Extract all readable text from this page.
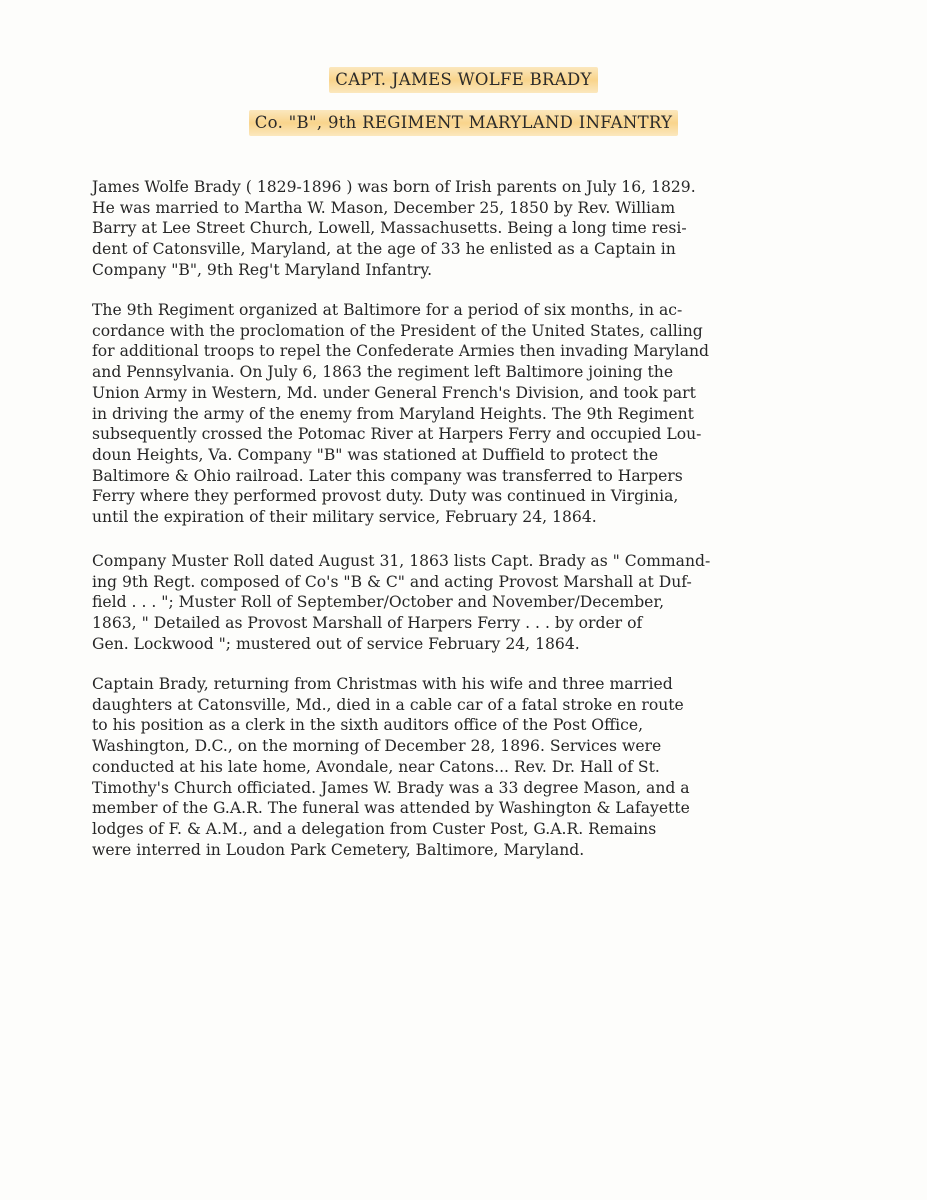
CAPT. JAMES WOLFE BRADY
Co. "B", 9th REGIMENT MARYLAND INFANTRY
James Wolfe Brady ( 1829-1896 ) was born of Irish parents on July 16, 1829.
He was married to Martha W. Mason, December 25, 1850 by Rev. William
Barry at Lee Street Church, Lowell, Massachusetts. Being a long time resi-
dent of Catonsville, Maryland, at the age of 33 he enlisted as a Captain in
Company "B", 9th Reg't Maryland Infantry.
The 9th Regiment organized at Baltimore for a period of six months, in ac-
cordance with the proclomation of the President of the United States, calling
for additional troops to repel the Confederate Armies then invading Maryland
and Pennsylvania. On July 6, 1863 the regiment left Baltimore joining the
Union Army in Western, Md. under General French's Division, and took part
in driving the army of the enemy from Maryland Heights. The 9th Regiment
subsequently crossed the Potomac River at Harpers Ferry and occupied Lou-
doun Heights, Va. Company "B" was stationed at Duffield to protect the
Baltimore & Ohio railroad. Later this company was transferred to Harpers
Ferry where they performed provost duty. Duty was continued in Virginia,
until the expiration of their military service, February 24, 1864.
Company Muster Roll dated August 31, 1863 lists Capt. Brady as " Command-
ing 9th Regt. composed of Co's "B & C" and acting Provost Marshall at Duf-
field . . . "; Muster Roll of September/October and November/December,
1863, " Detailed as Provost Marshall of Harpers Ferry . . . by order of
Gen. Lockwood "; mustered out of service February 24, 1864.
Captain Brady, returning from Christmas with his wife and three married
daughters at Catonsville, Md., died in a cable car of a fatal stroke en route
to his position as a clerk in the sixth auditors office of the Post Office,
Washington, D.C., on the morning of December 28, 1896. Services were
conducted at his late home, Avondale, near Catons... Rev. Dr. Hall of St.
Timothy's Church officiated. James W. Brady was a 33 degree Mason, and a
member of the G.A.R. The funeral was attended by Washington & Lafayette
lodges of F. & A.M., and a delegation from Custer Post, G.A.R. Remains
were interred in Loudon Park Cemetery, Baltimore, Maryland.
